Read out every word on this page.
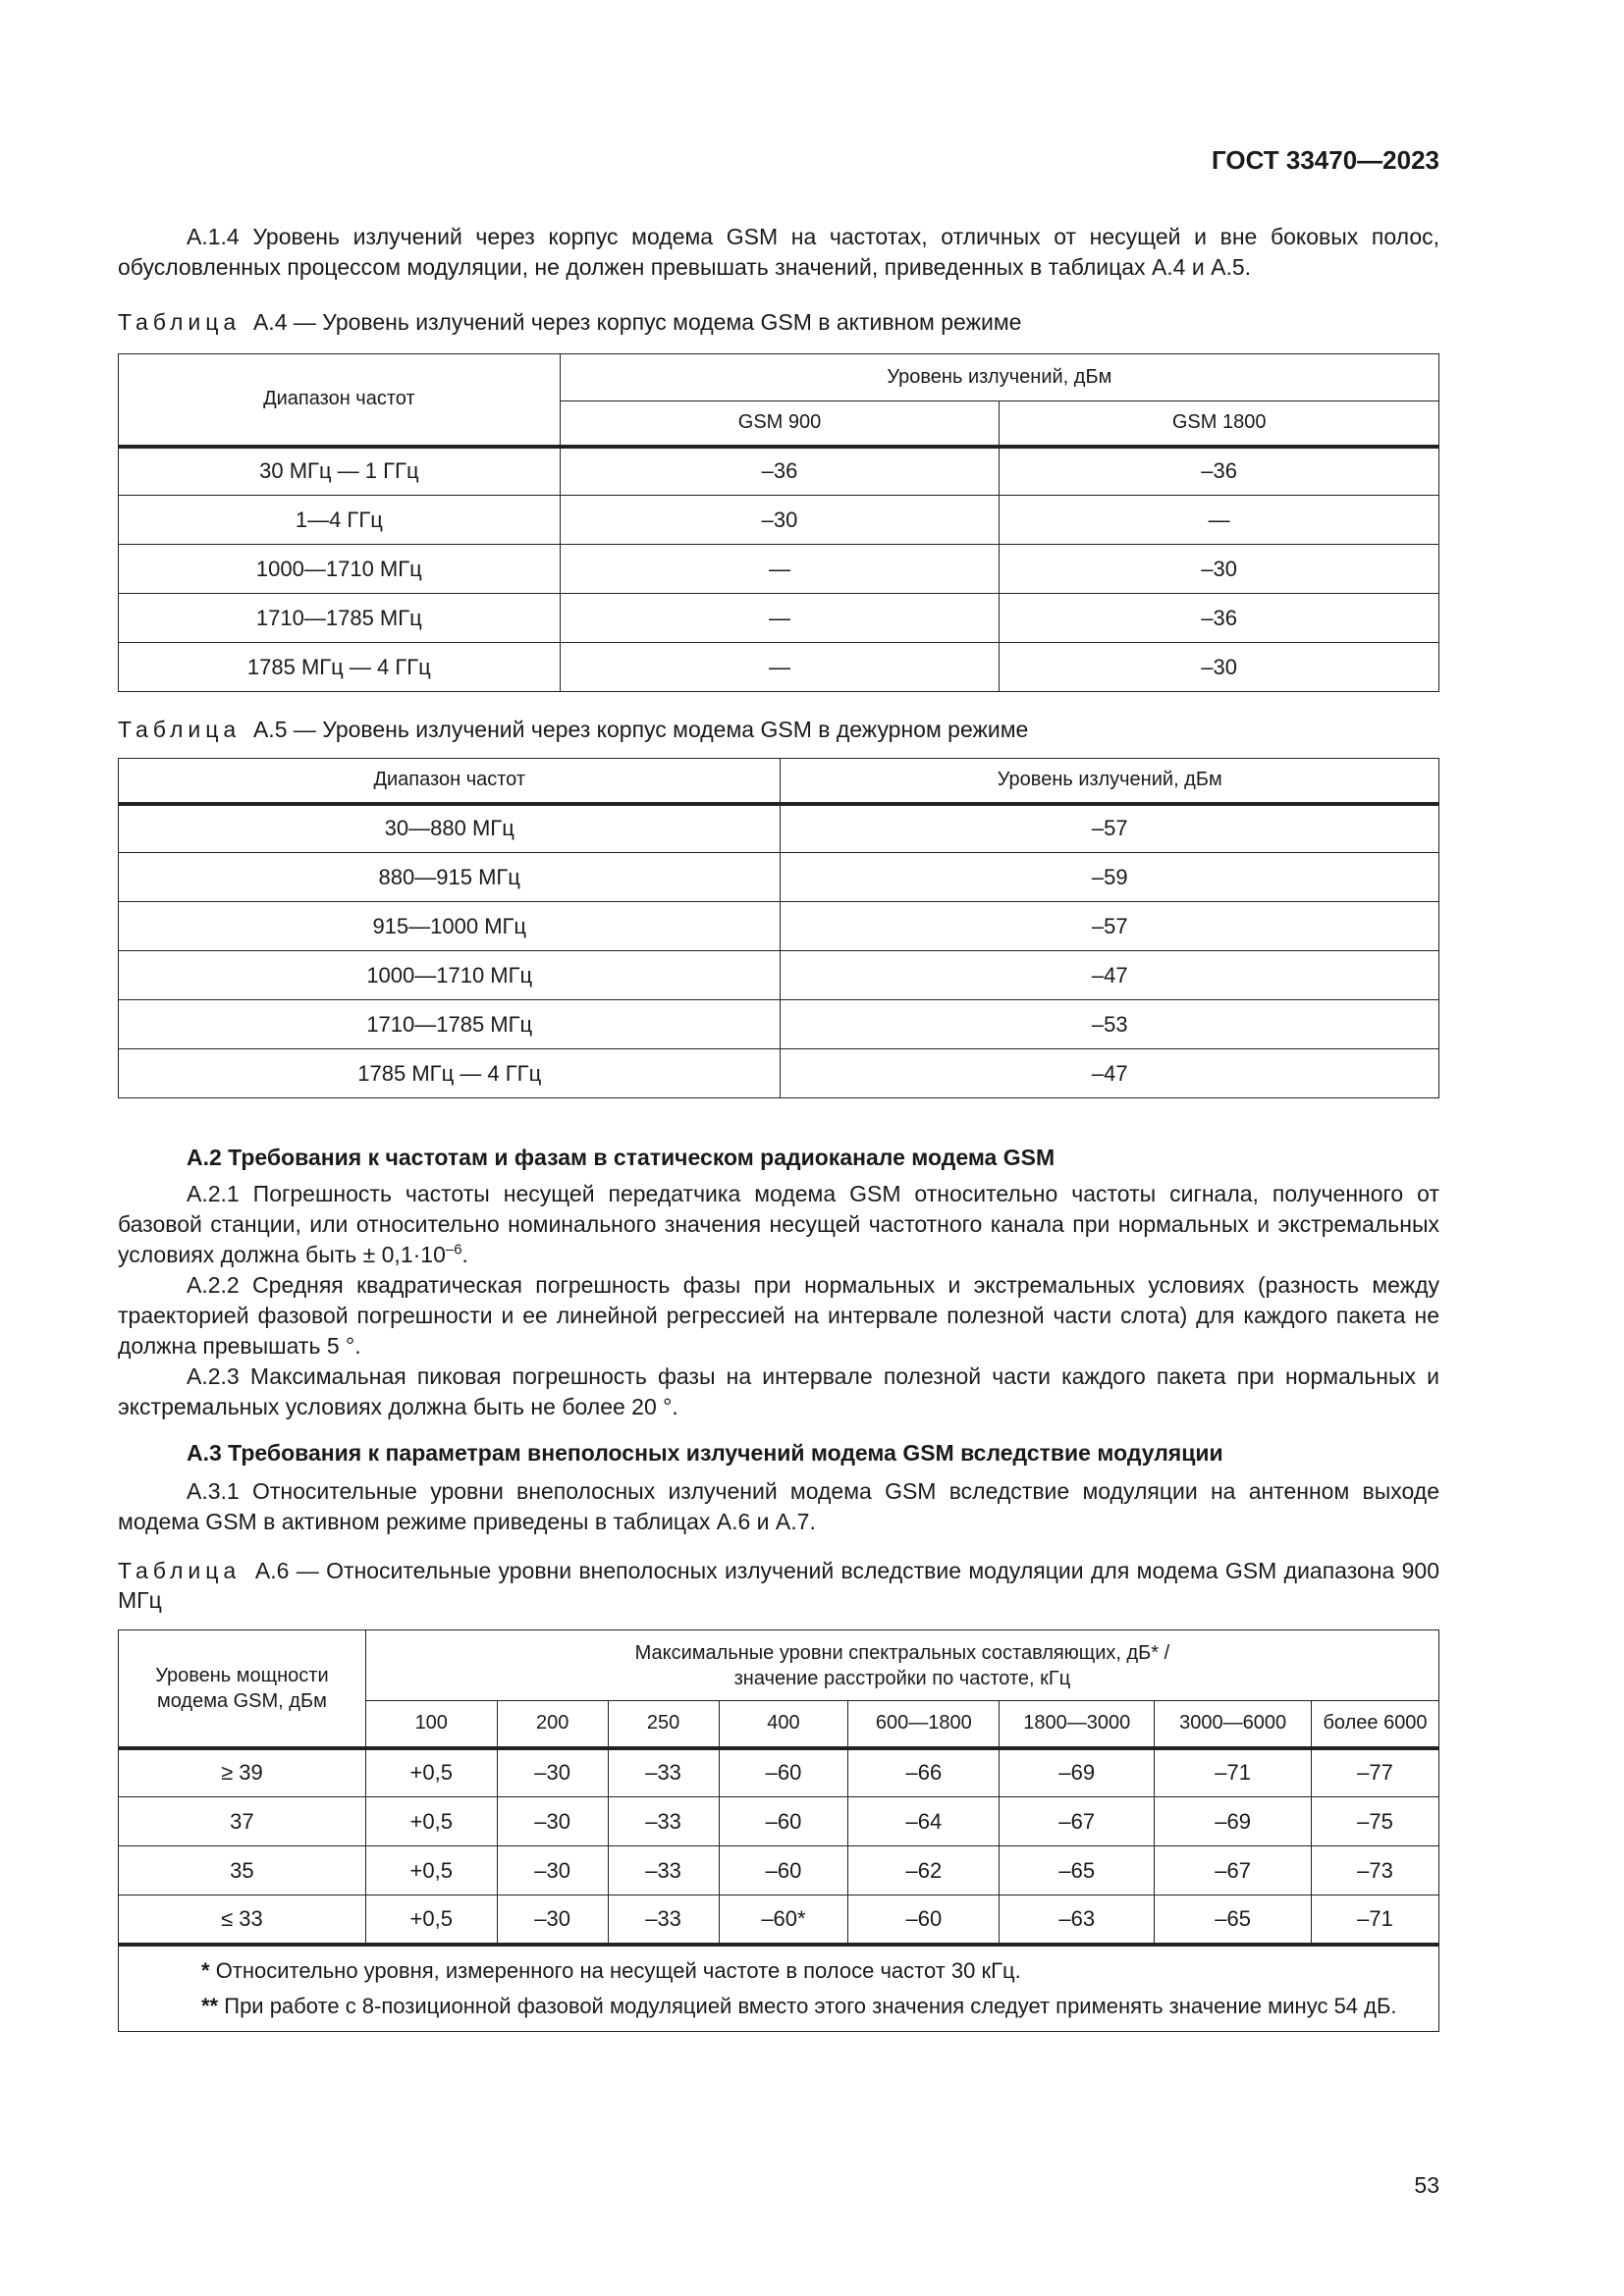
ГОСТ 33470—2023

А.1.4 Уровень излучений через корпус модема GSM на частотах, отличных от несущей и вне боковых полос, обусловленных процессом модуляции, не должен превышать значений, приведенных в таблицах А.4 и А.5.

Таблица А.4 — Уровень излучений через корпус модема GSM в активном режиме

Диапазон частот	Уровень излучений, дБм	
	GSM 900	GSM 1800
30 МГц — 1 ГГц	–36	–36
1—4 ГГц	–30	—
1000—1710 МГц	—	–30
1710—1785 МГц	—	–36
1785 МГц — 4 ГГц	—	–30

Таблица А.5 — Уровень излучений через корпус модема GSM в дежурном режиме

Диапазон частот	Уровень излучений, дБм
30—880 МГц	–57
880—915 МГц	–59
915—1000 МГц	–57
1000—1710 МГц	–47
1710—1785 МГц	–53
1785 МГц — 4 ГГц	–47

А.2 Требования к частотам и фазам в статическом радиоканале модема GSM

А.2.1 Погрешность частоты несущей передатчика модема GSM относительно частоты сигнала, полученного от базовой станции, или относительно номинального значения несущей частотного канала при нормальных и экстремальных условиях должна быть ± $0,1\cdot 10^{-6}$.

А.2.2 Средняя квадратическая погрешность фазы при нормальных и экстремальных условиях (разность между траекторией фазовой погрешности и ее линейной регрессией на интервале полезной части слота) для каждого пакета не должна превышать 5 °.

А.2.3 Максимальная пиковая погрешность фазы на интервале полезной части каждого пакета при нормальных и экстремальных условиях должна быть не более 20 °.

А.3 Требования к параметрам внеполосных излучений модема GSM вследствие модуляции

А.3.1 Относительные уровни внеполосных излучений модема GSM вследствие модуляции на антенном выходе модема GSM в активном режиме приведены в таблицах А.6 и А.7.

Таблица А.6 — Относительные уровни внеполосных излучений вследствие модуляции для модема GSM диапазона 900 МГц

Уровень мощности модема GSM, дБм	Максимальные уровни спектральных составляющих, дБ* /
значение расстройки по частоте, кГц							

	100	200	250	400	600—1800	1800—3000	3000—6000	более 6000
≥ 39	+0,5	–30	–33	–60	–66	–69	–71	–77
37	+0,5	–30	–33	–60	–64	–67	–69	–75
35	+0,5	–30	–33	–60	–62	–65	–67	–73
≤ 33	+0,5	–30	–33	–60*	–60	–63	–65	–71

* Относительно уровня, измеренного на несущей частоте в полосе частот 30 кГц.

** При работе с 8-позиционной фазовой модуляцией вместо этого значения следует применять значение минус 54 дБ.								

53
